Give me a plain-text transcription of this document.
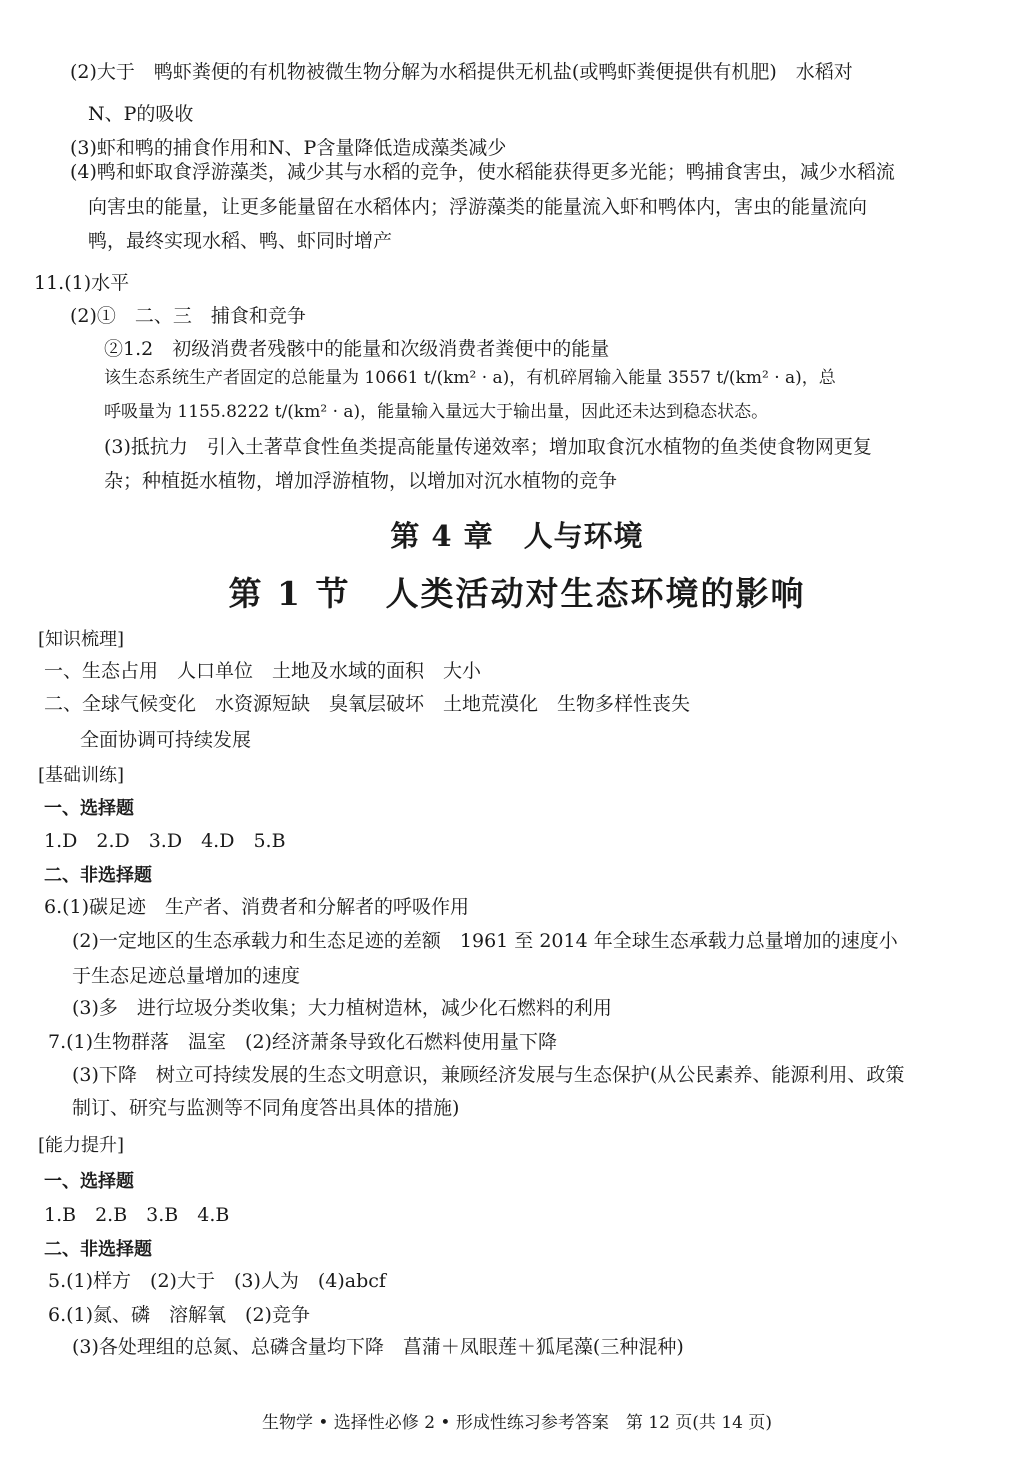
(2)大于　鸭虾粪便的有机物被微生物分解为水稻提供无机盐(或鸭虾粪便提供有机肥)　水稻对
N、P的吸收
(3)虾和鸭的捕食作用和N、P含量降低造成藻类减少
(4)鸭和虾取食浮游藻类，减少其与水稻的竞争，使水稻能获得更多光能；鸭捕食害虫，减少水稻流
向害虫的能量，让更多能量留在水稻体内；浮游藻类的能量流入虾和鸭体内，害虫的能量流向
鸭，最终实现水稻、鸭、虾同时增产
11.(1)水平
(2)①　二、三　捕食和竞争
②1.2　初级消费者残骸中的能量和次级消费者粪便中的能量
该生态系统生产者固定的总能量为 10661 t/(km² · a)，有机碎屑输入能量 3557 t/(km² · a)，总
呼吸量为 1155.8222 t/(km² · a)，能量输入量远大于输出量，因此还未达到稳态状态。
(3)抵抗力　引入土著草食性鱼类提高能量传递效率；增加取食沉水植物的鱼类使食物网更复
杂；种植挺水植物，增加浮游植物，以增加对沉水植物的竞争
第 4 章　人与环境
第 1 节　人类活动对生态环境的影响
[知识梳理]
一、生态占用　人口单位　土地及水域的面积　大小
二、全球气候变化　水资源短缺　臭氧层破坏　土地荒漠化　生物多样性丧失
全面协调可持续发展
[基础训练]
一、选择题
1.D　2.D　3.D　4.D　5.B
二、非选择题
6.(1)碳足迹　生产者、消费者和分解者的呼吸作用
(2)一定地区的生态承载力和生态足迹的差额　1961 至 2014 年全球生态承载力总量增加的速度小
于生态足迹总量增加的速度
(3)多　进行垃圾分类收集；大力植树造林，减少化石燃料的利用
7.(1)生物群落　温室　(2)经济萧条导致化石燃料使用量下降
(3)下降　树立可持续发展的生态文明意识，兼顾经济发展与生态保护(从公民素养、能源利用、政策
制订、研究与监测等不同角度答出具体的措施)
[能力提升]
一、选择题
1.B　2.B　3.B　4.B
二、非选择题
5.(1)样方　(2)大于　(3)人为　(4)abcf
6.(1)氮、磷　溶解氧　(2)竞争
(3)各处理组的总氮、总磷含量均下降　菖蒲＋凤眼莲＋狐尾藻(三种混种)
生物学 • 选择性必修 2 • 形成性练习参考答案　第 12 页(共 14 页)
